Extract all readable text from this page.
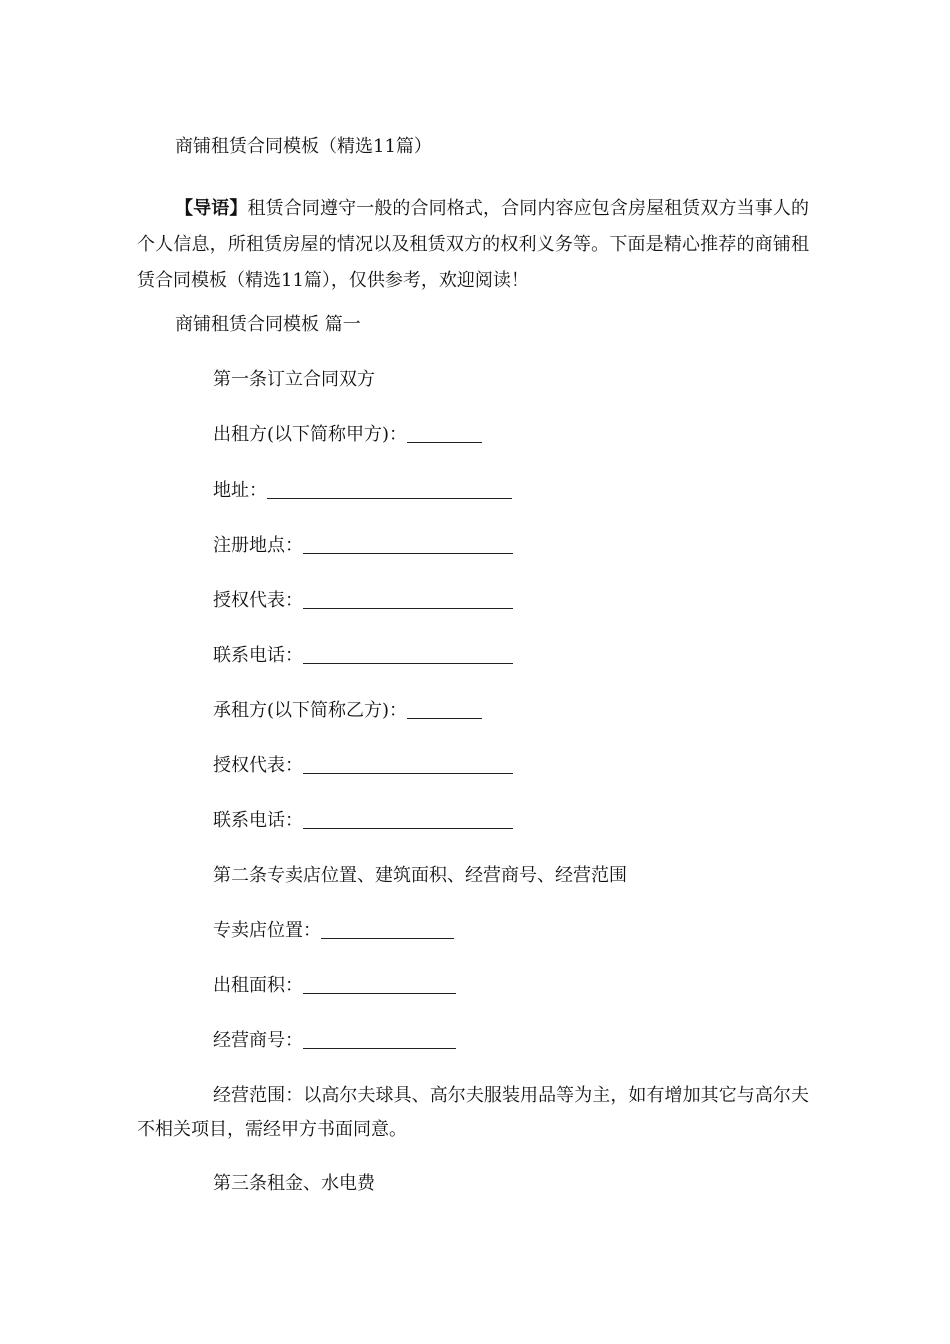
商铺租赁合同模板（精选11篇）
【导语】租赁合同遵守一般的合同格式，合同内容应包含房屋租赁双方当事人的个人信息，所租赁房屋的情况以及租赁双方的权利义务等。下面是精心推荐的商铺租赁合同模板（精选11篇），仅供参考，欢迎阅读！
商铺租赁合同模板 篇一
第一条订立合同双方
出租方(以下简称甲方)：
地址：
注册地点：
授权代表：
联系电话：
承租方(以下简称乙方)：
授权代表：
联系电话：
第二条专卖店位置、建筑面积、经营商号、经营范围
专卖店位置：
出租面积：
经营商号：
经营范围：以高尔夫球具、高尔夫服装用品等为主，如有增加其它与高尔夫不相关项目，需经甲方书面同意。
第三条租金、水电费
